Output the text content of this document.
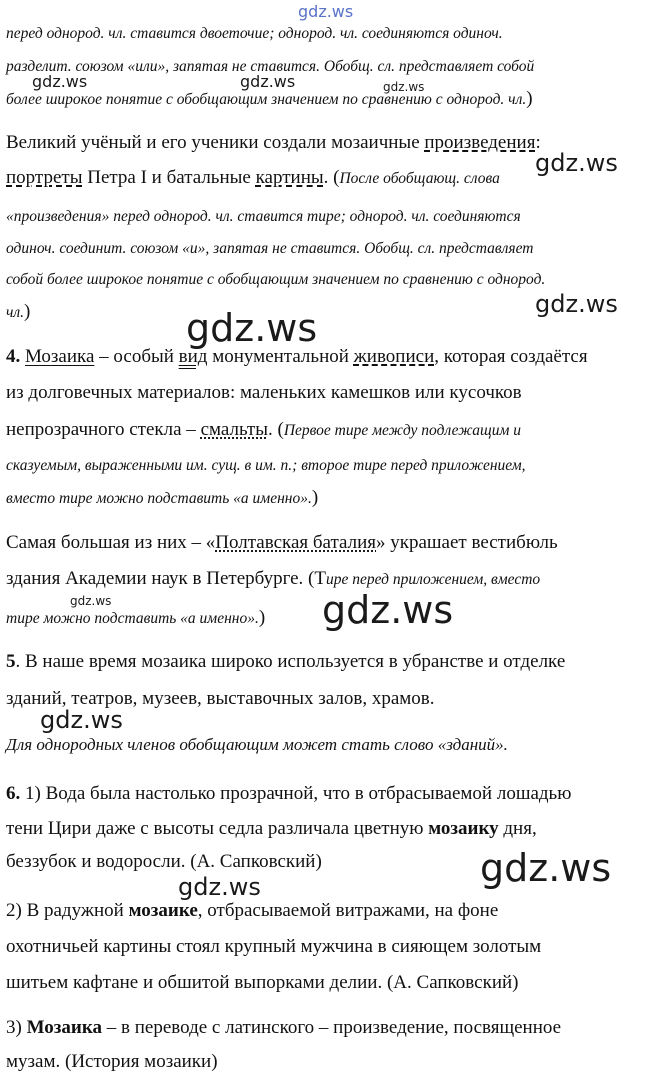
gdz.ws
gdz.ws	gdz.ws	gdz.ws
gdz.ws
gdz.ws
gdz.ws
gdz.ws	gdz.ws
gdz.ws
gdz.ws
gdz.ws
перед однород. чл. ставится двоеточие; однород. чл. соединяются одиноч.
разделит. союзом «или», запятая не ставится. Обобщ. сл. представляет собой
более широкое понятие с обобщающим значением по сравнению с однород. чл.)
Великий учёный и его ученики создали мозаичные произведения:
портреты Петра I и батальные картины. (После обобщающ. слова
«произведения» перед однород. чл. ставится тире; однород. чл. соединяются
одиноч. соединит. союзом «и», запятая не ставится. Обобщ. сл. представляет
собой более широкое понятие с обобщающим значением по сравнению с однород.
чл.)
4. Мозаика – особый вид монументальной живописи, которая создаётся
из долговечных материалов: маленьких камешков или кусочков
непрозрачного стекла – смальты. (Первое тире между подлежащим и
сказуемым, выраженными им. сущ. в им. п.; второе тире перед приложением,
вместо тире можно подставить «а именно».)
Самая большая из них – «Полтавская баталия» украшает вестибюль
здания Академии наук в Петербурге. (Тире перед приложением, вместо
тире можно подставить «а именно».)
5. В наше время мозаика широко используется в убранстве и отделке
зданий, театров, музеев, выставочных залов, храмов.
Для однородных членов обобщающим может стать слово «зданий».
6. 1) Вода была настолько прозрачной, что в отбрасываемой лошадью
тени Цири даже с высоты седла различала цветную мозаику дня,
беззубок и водоросли. (А. Сапковский)
2) В радужной мозаике, отбрасываемой витражами, на фоне
охотничьей картины стоял крупный мужчина в сияющем золотым
шитьем кафтане и обшитой выпорками делии. (А. Сапковский)
3) Мозаика – в переводе с латинского – произведение, посвященное
музам. (История мозаики)
